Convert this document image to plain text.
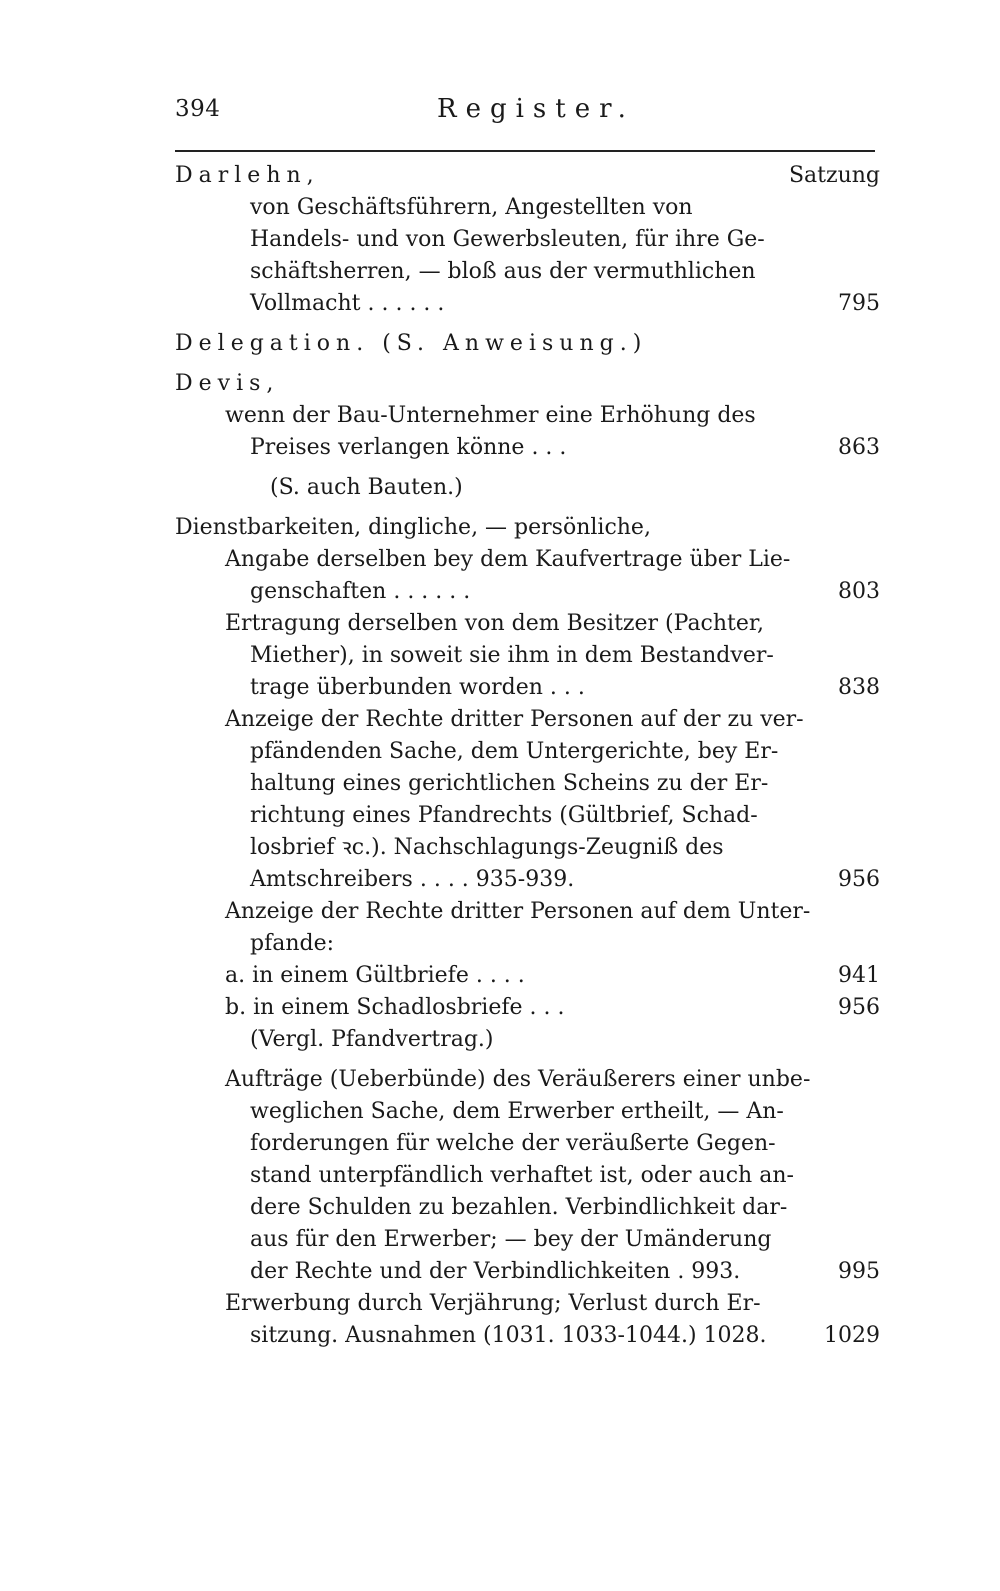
394	Register.
Darlehn,	Satzung
von Geschäftsführern, Angestellten von
Handels- und von Gewerbsleuten, für ihre Ge-
schäftsherren, — bloß aus der vermuthlichen
Vollmacht . . . . . .	795
Delegation. (S. Anweisung.)
Devis,
wenn der Bau-Unternehmer eine Erhöhung des
Preises verlangen könne . . .	863
(S. auch Bauten.)
Dienstbarkeiten, dingliche, — persönliche,
Angabe derselben bey dem Kaufvertrage über Lie-
genschaften . . . . . .	803
Ertragung derselben von dem Besitzer (Pachter,
Miether), in soweit sie ihm in dem Bestandver-
trage überbunden worden . . .	838
Anzeige der Rechte dritter Personen auf der zu ver-
pfändenden Sache, dem Untergerichte, bey Er-
haltung eines gerichtlichen Scheins zu der Er-
richtung eines Pfandrechts (Gültbrief, Schad-
losbrief ꝛc.). Nachschlagungs-Zeugniß des
Amtschreibers . . . . 935-939.	956
Anzeige der Rechte dritter Personen auf dem Unter-
pfande:
a. in einem Gültbriefe . . . .	941
b. in einem Schadlosbriefe . . .	956
(Vergl. Pfandvertrag.)
Aufträge (Ueberbünde) des Veräußerers einer unbe-
weglichen Sache, dem Erwerber ertheilt, — An-
forderungen für welche der veräußerte Gegen-
stand unterpfändlich verhaftet ist, oder auch an-
dere Schulden zu bezahlen. Verbindlichkeit dar-
aus für den Erwerber; — bey der Umänderung
der Rechte und der Verbindlichkeiten . 993.	995
Erwerbung durch Verjährung; Verlust durch Er-
sitzung. Ausnahmen (1031. 1033-1044.) 1028.	1029
